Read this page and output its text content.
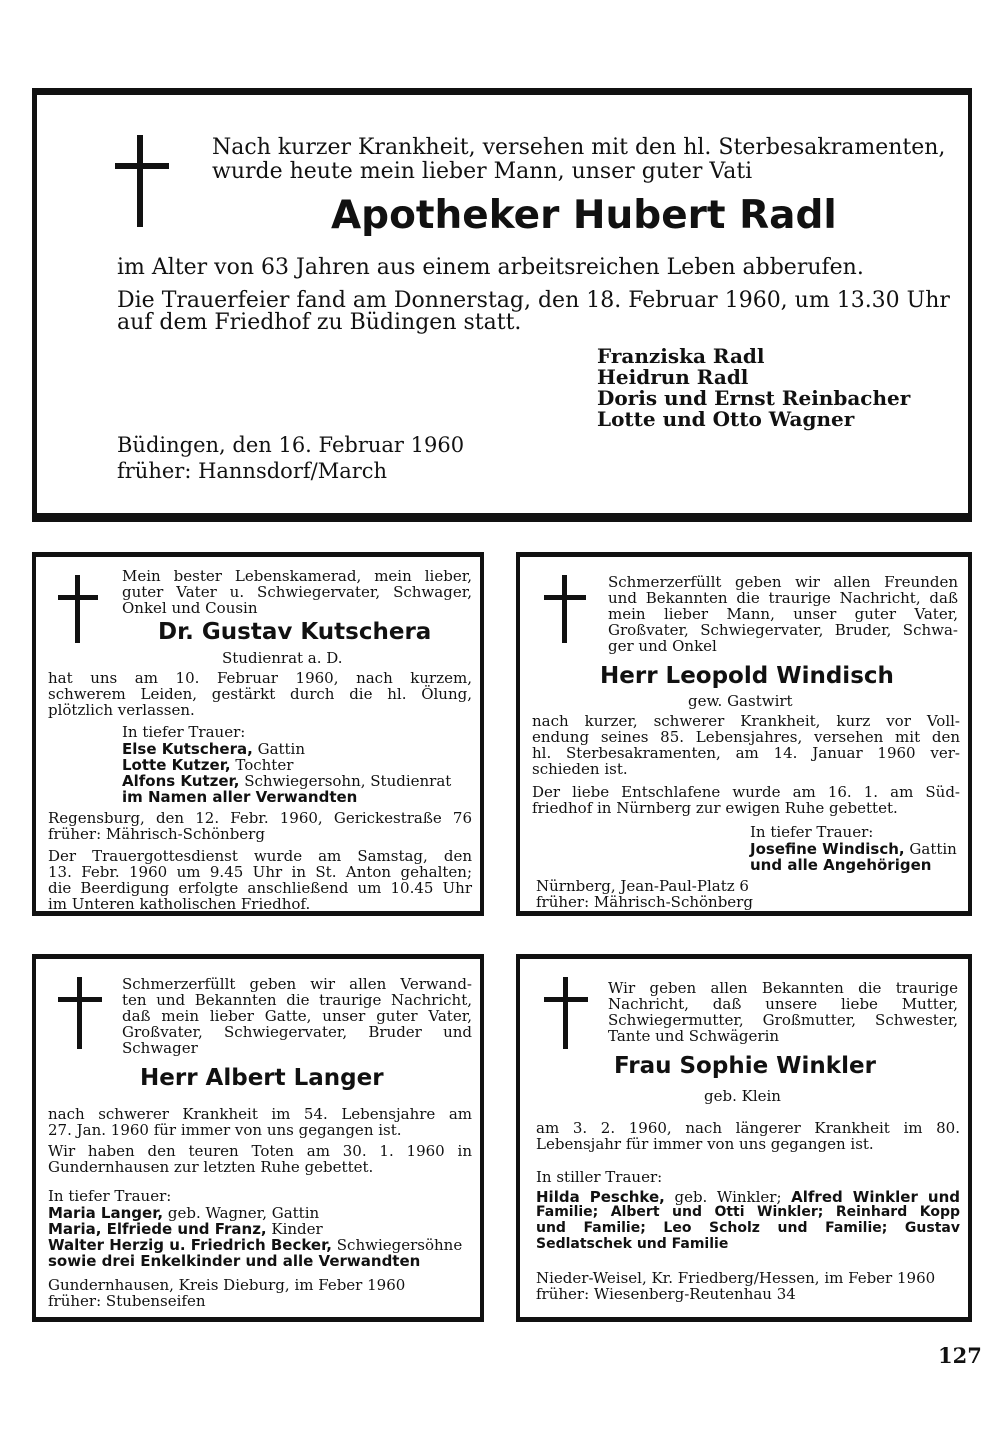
Nach kurzer Krankheit, versehen mit den hl. Sterbesakramenten,
wurde heute mein lieber Mann, unser guter Vati
Apotheker Hubert Radl
im Alter von 63 Jahren aus einem arbeitsreichen Leben abberufen.
Die Trauerfeier fand am Donnerstag, den 18. Februar 1960, um 13.30 Uhr
auf dem Friedhof zu Büdingen statt.
Franziska Radl
Heidrun Radl
Doris und Ernst Reinbacher
Lotte und Otto Wagner
Büdingen, den 16. Februar 1960
früher: Hannsdorf/March
Mein bester Lebenskamerad, mein lieber,
guter Vater u. Schwiegervater, Schwager,
Onkel und Cousin
Dr. Gustav Kutschera
Studienrat a. D.
hat uns am 10. Februar 1960, nach kurzem,
schwerem Leiden, gestärkt durch die hl. Ölung,
plötzlich verlassen.
In tiefer Trauer:
Else Kutschera, Gattin
Lotte Kutzer, Tochter
Alfons Kutzer, Schwiegersohn, Studienrat
im Namen aller Verwandten
Regensburg, den 12. Febr. 1960, Gerickestraße 76
früher: Mährisch-Schönberg
Der Trauergottesdienst wurde am Samstag, den
13. Febr. 1960 um 9.45 Uhr in St. Anton gehalten;
die Beerdigung erfolgte anschließend um 10.45 Uhr
im Unteren katholischen Friedhof.
Schmerzerfüllt geben wir allen Freunden
und Bekannten die traurige Nachricht, daß
mein lieber Mann, unser guter Vater,
Großvater, Schwiegervater, Bruder, Schwa-
ger und Onkel
Herr Leopold Windisch
gew. Gastwirt
nach kurzer, schwerer Krankheit, kurz vor Voll-
endung seines 85. Lebensjahres, versehen mit den
hl. Sterbesakramenten, am 14. Januar 1960 ver-
schieden ist.
Der liebe Entschlafene wurde am 16. 1. am Süd-
friedhof in Nürnberg zur ewigen Ruhe gebettet.
In tiefer Trauer:
Josefine Windisch, Gattin
und alle Angehörigen
Nürnberg, Jean-Paul-Platz 6
früher: Mährisch-Schönberg
Schmerzerfüllt geben wir allen Verwand-
ten und Bekannten die traurige Nachricht,
daß mein lieber Gatte, unser guter Vater,
Großvater, Schwiegervater, Bruder und
Schwager
Herr Albert Langer
nach schwerer Krankheit im 54. Lebensjahre am
27. Jan. 1960 für immer von uns gegangen ist.
Wir haben den teuren Toten am 30. 1. 1960 in
Gundernhausen zur letzten Ruhe gebettet.
In tiefer Trauer:
Maria Langer, geb. Wagner, Gattin
Maria, Elfriede und Franz, Kinder
Walter Herzig u. Friedrich Becker, Schwiegersöhne
sowie drei Enkelkinder und alle Verwandten
Gundernhausen, Kreis Dieburg, im Feber 1960
früher: Stubenseifen
Wir geben allen Bekannten die traurige
Nachricht, daß unsere liebe Mutter,
Schwiegermutter, Großmutter, Schwester,
Tante und Schwägerin
Frau Sophie Winkler
geb. Klein
am 3. 2. 1960, nach längerer Krankheit im 80.
Lebensjahr für immer von uns gegangen ist.
In stiller Trauer:
Hilda Peschke, geb. Winkler; Alfred Winkler und
Familie; Albert und Otti Winkler; Reinhard Kopp
und Familie; Leo Scholz und Familie; Gustav
Sedlatschek und Familie
Nieder-Weisel, Kr. Friedberg/Hessen, im Feber 1960
früher: Wiesenberg-Reutenhau 34
127
